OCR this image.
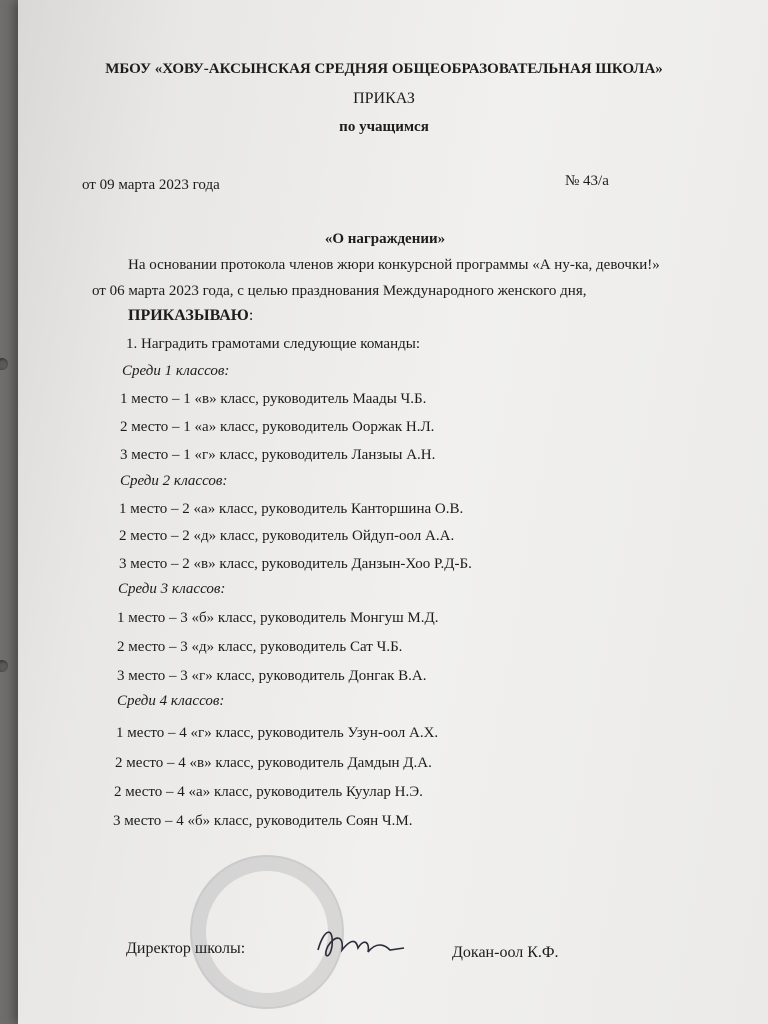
МБОУ «ХОВУ-АКСЫНСКАЯ СРЕДНЯЯ ОБЩЕОБРАЗОВАТЕЛЬНАЯ ШКОЛА»
ПРИКАЗ
по учащимся
от 09 марта 2023 года	№ 43/а
«О награждении»
На основании протокола членов жюри конкурсной программы «А ну-ка, девочки!»
от 06 марта 2023 года, с целью празднования Международного женского дня,
ПРИКАЗЫВАЮ:
1. Наградить грамотами следующие команды:
Среди 1 классов:
1 место – 1 «в» класс, руководитель Маады Ч.Б.
2 место – 1 «а» класс, руководитель Ооржак Н.Л.
3 место – 1 «г» класс, руководитель Ланзыы А.Н.
Среди 2 классов:
1 место – 2 «а» класс, руководитель Канторшина О.В.
2 место – 2 «д» класс, руководитель Ойдуп-оол А.А.
3 место – 2 «в» класс, руководитель Данзын-Хоо Р.Д-Б.
Среди 3 классов:
1 место – 3 «б» класс, руководитель Монгуш М.Д.
2 место – 3 «д» класс, руководитель Сат Ч.Б.
3 место – 3 «г» класс, руководитель Донгак В.А.
Среди 4 классов:
1 место – 4 «г» класс, руководитель Узун-оол А.Х.
2 место – 4 «в» класс, руководитель Дамдын Д.А.
2 место – 4 «а» класс, руководитель Куулар Н.Э.
3 место – 4 «б» класс, руководитель Соян Ч.М.
Директор школы:	Докан-оол К.Ф.
